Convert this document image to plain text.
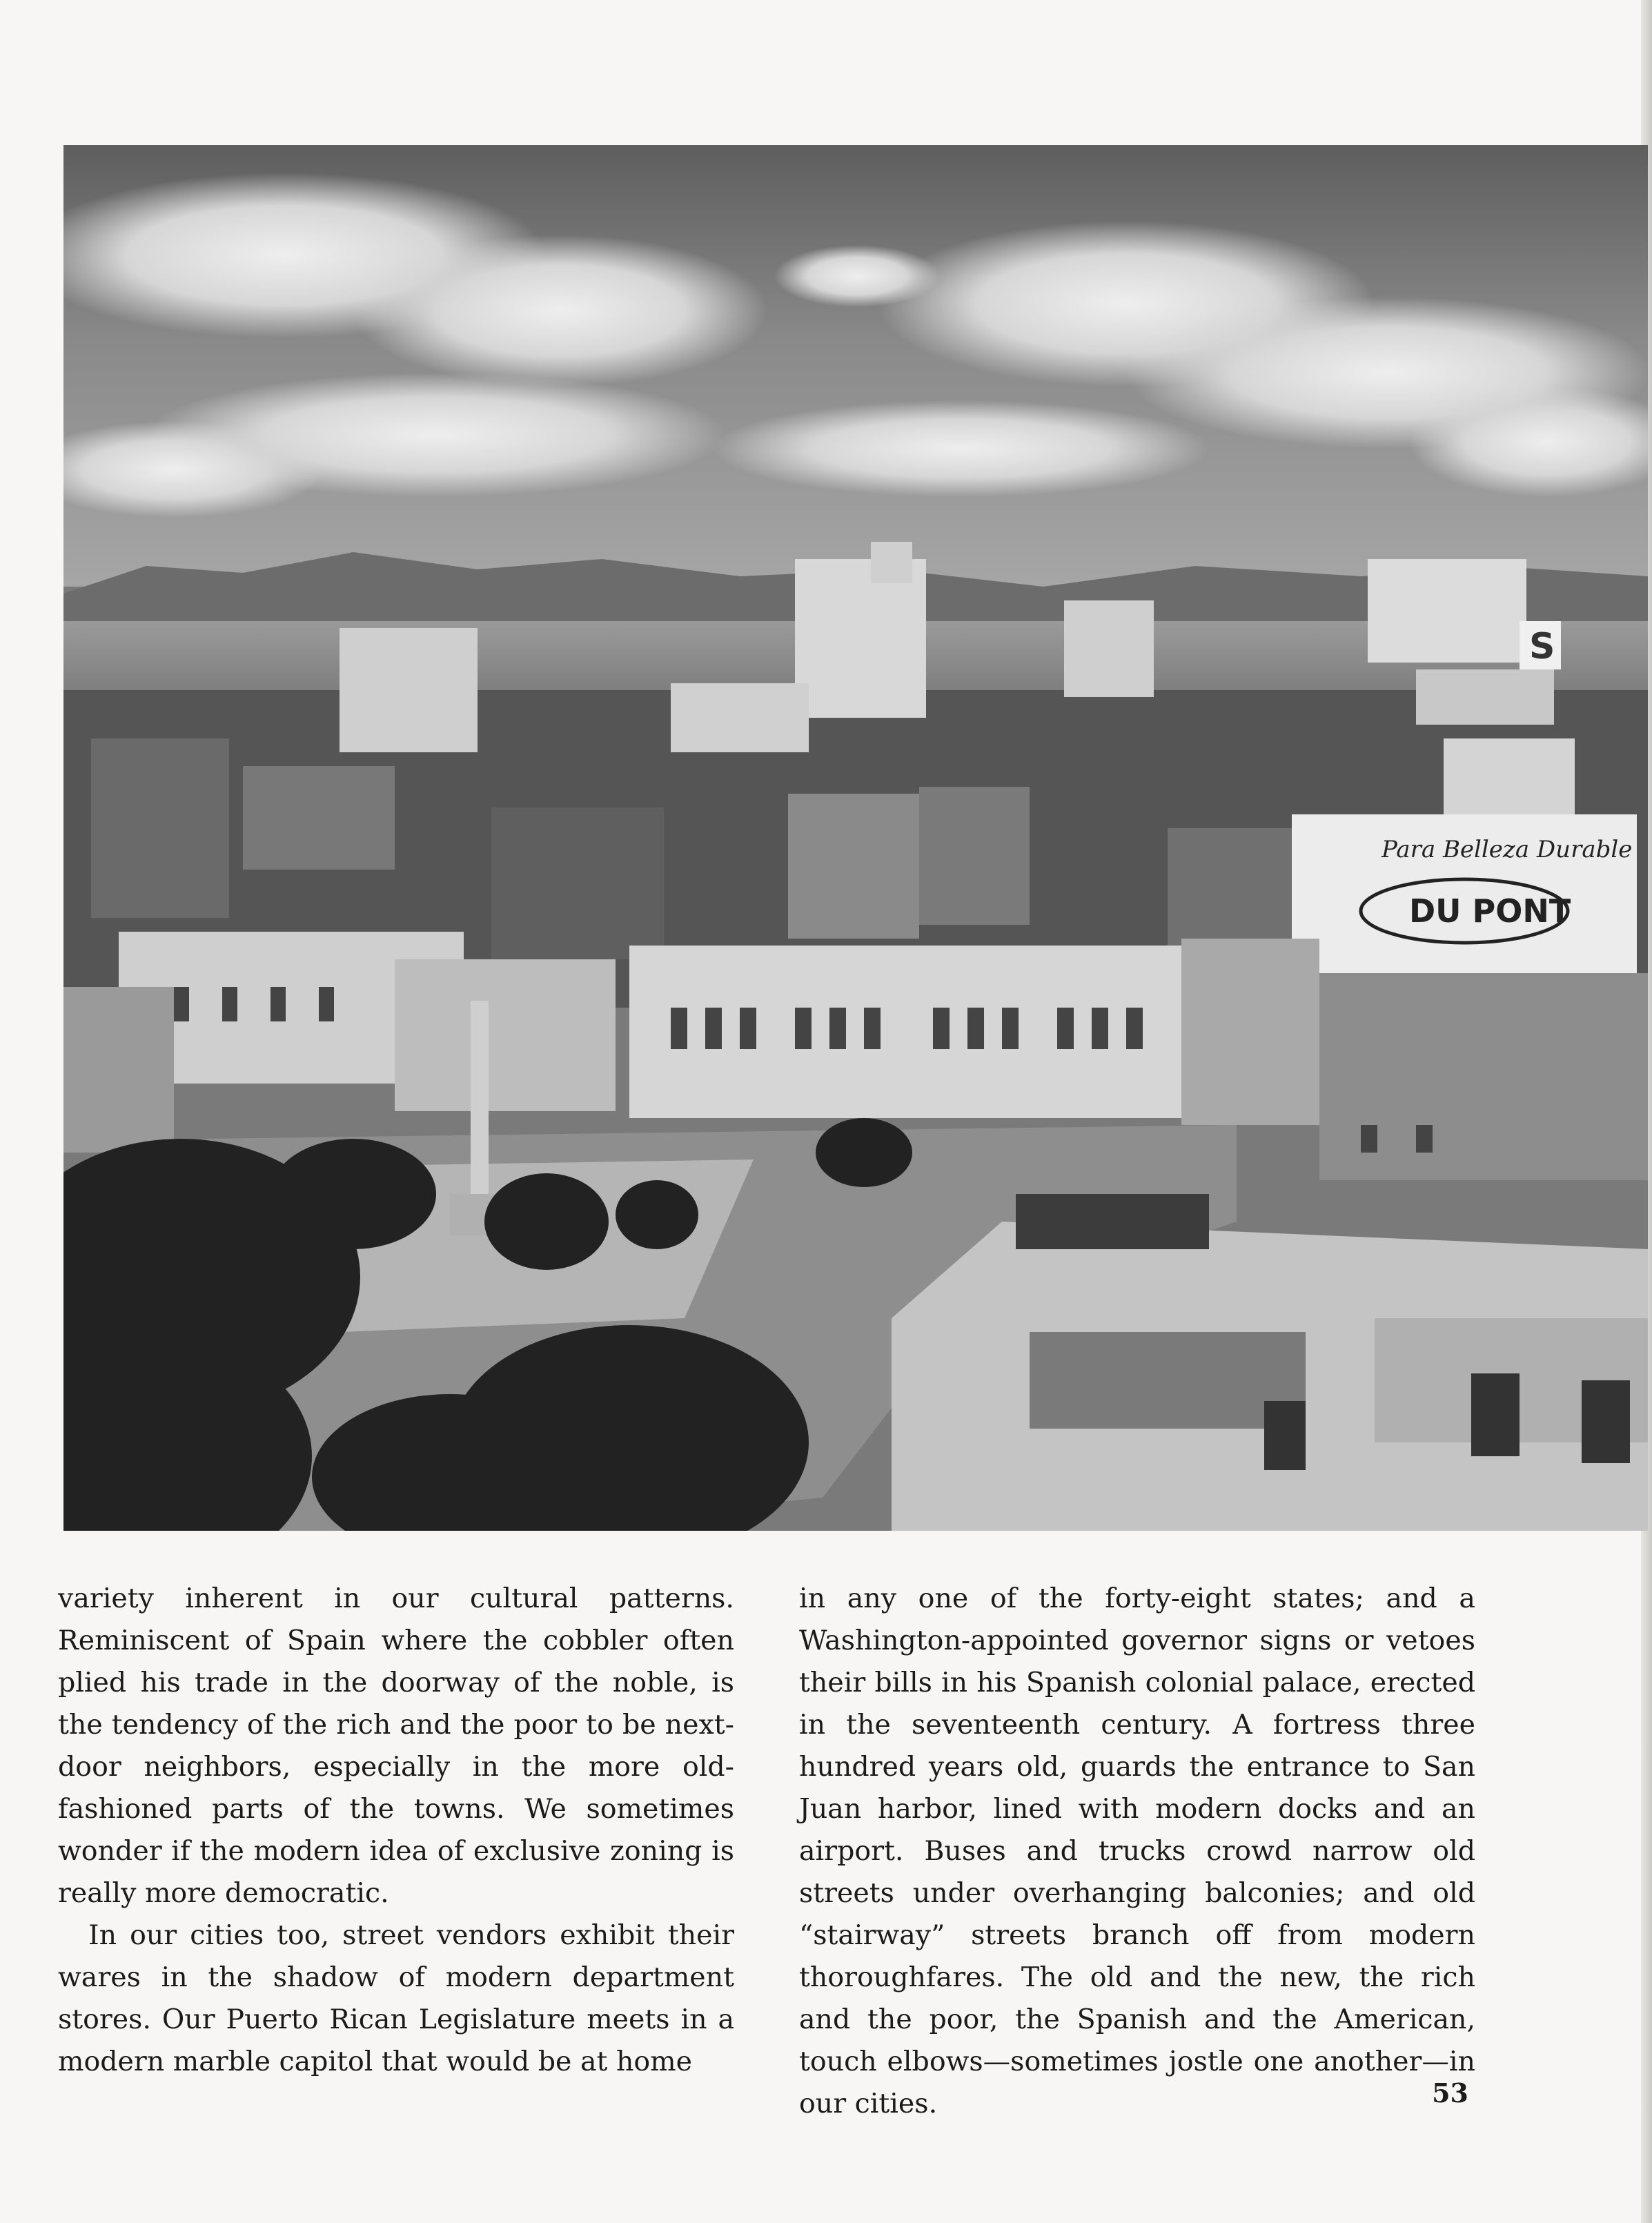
Para Belleza Durable
DU PONT
S

variety inherent in our cultural patterns. Reminiscent of Spain where the cobbler often plied his trade in the doorway of the noble, is the tendency of the rich and the poor to be next-door neighbors, especially in the more old-fashioned parts of the towns. We sometimes wonder if the modern idea of exclusive zoning is really more democratic.

In our cities too, street vendors exhibit their wares in the shadow of modern department stores. Our Puerto Rican Legislature meets in a modern marble capitol that would be at home

in any one of the forty-eight states; and a Washington-appointed governor signs or vetoes their bills in his Spanish colonial palace, erected in the seventeenth century. A fortress three hundred years old, guards the entrance to San Juan harbor, lined with modern docks and an airport. Buses and trucks crowd narrow old streets under overhanging balconies; and old “stairway” streets branch off from modern thoroughfares. The old and the new, the rich and the poor, the Spanish and the American, touch elbows—sometimes jostle one another—in our cities.	53
